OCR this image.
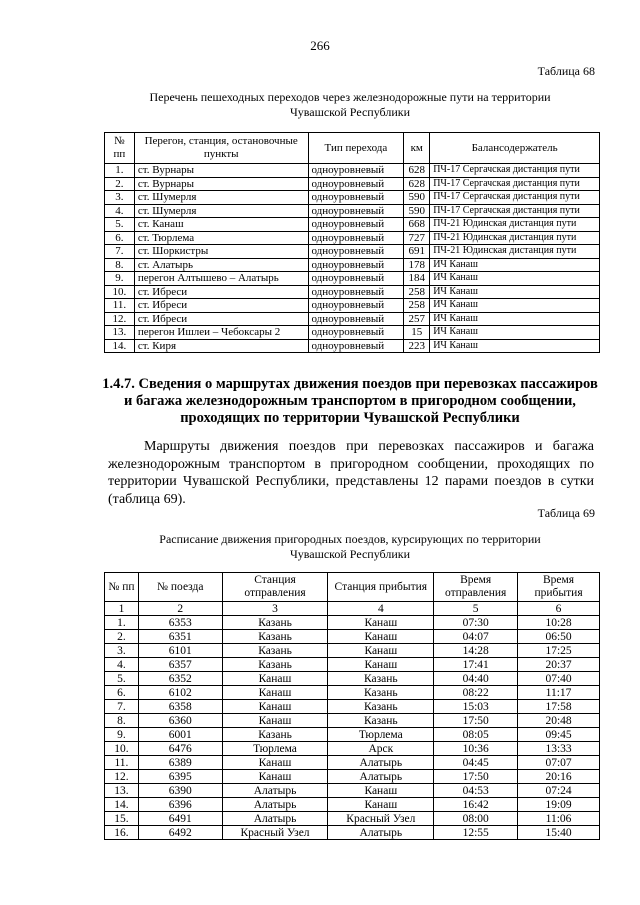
266
Таблица 68
Перечень пешеходных переходов через железнодорожные пути на территории
Чувашской Республики
№ пп	Перегон, станция, остановочные пункты	Тип перехода	км	Балансодержатель
1.	ст. Вурнары	одноуровневый	628	ПЧ-17 Сергачская дистанция пути
2.	ст. Вурнары	одноуровневый	628	ПЧ-17 Сергачская дистанция пути
3.	ст. Шумерля	одноуровневый	590	ПЧ-17 Сергачская дистанция пути
4.	ст. Шумерля	одноуровневый	590	ПЧ-17 Сергачская дистанция пути
5.	ст. Канаш	одноуровневый	668	ПЧ-21 Юдинская дистанция пути
6.	ст. Тюрлема	одноуровневый	727	ПЧ-21 Юдинская дистанция пути
7.	ст. Шоркистры	одноуровневый	691	ПЧ-21 Юдинская дистанция пути
8.	ст. Алатырь	одноуровневый	178	ИЧ Канаш
9.	перегон Алтышево – Алатырь	одноуровневый	184	ИЧ Канаш
10.	ст. Ибреси	одноуровневый	258	ИЧ Канаш
11.	ст. Ибреси	одноуровневый	258	ИЧ Канаш
12.	ст. Ибреси	одноуровневый	257	ИЧ Канаш
13.	перегон Ишлеи – Чебоксары 2	одноуровневый	15	ИЧ Канаш
14.	ст. Киря	одноуровневый	223	ИЧ Канаш
1.4.7. Сведения о маршрутах движения поездов при перевозках пассажиров
и багажа железнодорожным транспортом в пригородном сообщении,
проходящих по территории Чувашской Республики
Маршруты движения поездов при перевозках пассажиров и багажа железнодорожным транспортом в пригородном сообщении, проходящих по территории Чувашской Республики, представлены 12 парами поездов в сутки (таблица 69).
Таблица 69
Расписание движения пригородных поездов, курсирующих по территории
Чувашской Республики
№ пп	№ поезда	Станция отправления	Станция прибытия	Время отправления	Время прибытия
1	2	3	4	5	6
1.	6353	Казань	Канаш	07:30	10:28
2.	6351	Казань	Канаш	04:07	06:50
3.	6101	Казань	Канаш	14:28	17:25
4.	6357	Казань	Канаш	17:41	20:37
5.	6352	Канаш	Казань	04:40	07:40
6.	6102	Канаш	Казань	08:22	11:17
7.	6358	Канаш	Казань	15:03	17:58
8.	6360	Канаш	Казань	17:50	20:48
9.	6001	Казань	Тюрлема	08:05	09:45
10.	6476	Тюрлема	Арск	10:36	13:33
11.	6389	Канаш	Алатырь	04:45	07:07
12.	6395	Канаш	Алатырь	17:50	20:16
13.	6390	Алатырь	Канаш	04:53	07:24
14.	6396	Алатырь	Канаш	16:42	19:09
15.	6491	Алатырь	Красный Узел	08:00	11:06
16.	6492	Красный Узел	Алатырь	12:55	15:40
